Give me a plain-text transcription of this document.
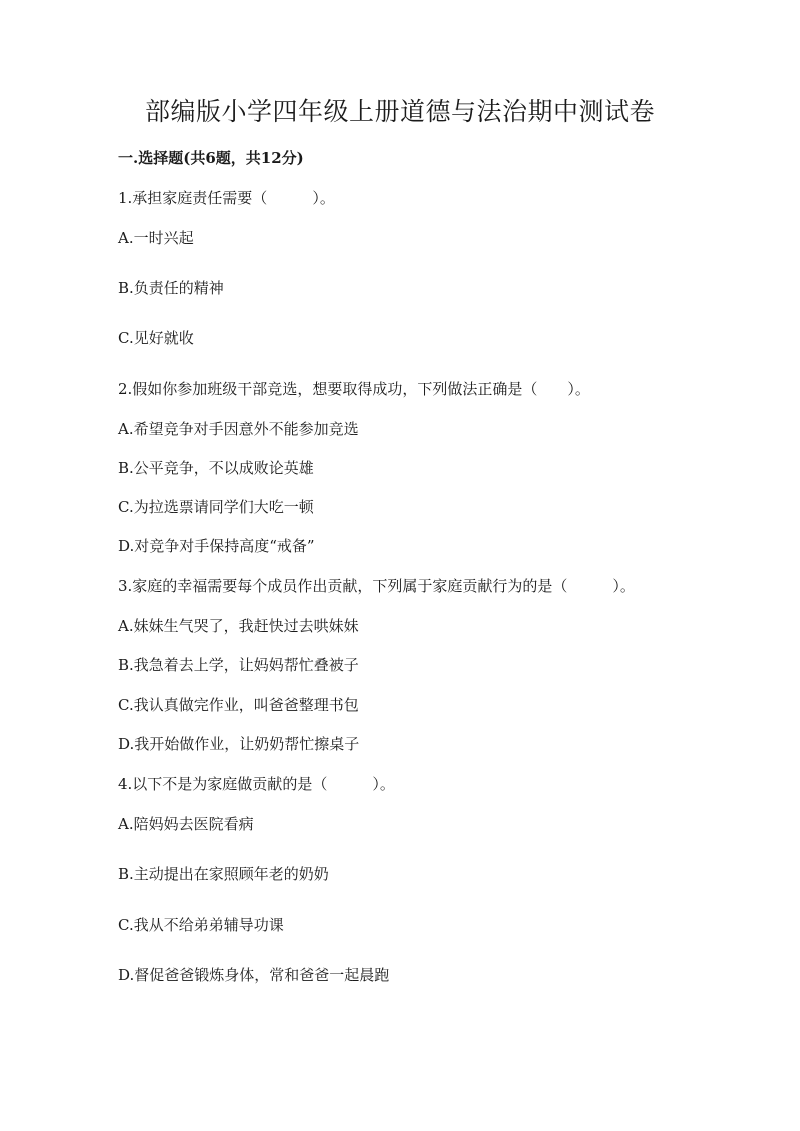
部编版小学四年级上册道德与法治期中测试卷
一.选择题(共6题，共12分)
1.承担家庭责任需要（　　　）。
A.一时兴起
B.负责任的精神
C.见好就收
2.假如你参加班级干部竞选，想要取得成功，下列做法正确是（　　）。
A.希望竞争对手因意外不能参加竞选
B.公平竞争，不以成败论英雄
C.为拉选票请同学们大吃一顿
D.对竞争对手保持高度“戒备”
3.家庭的幸福需要每个成员作出贡献，下列属于家庭贡献行为的是（　　　）。
A.妹妹生气哭了，我赶快过去哄妹妹
B.我急着去上学，让妈妈帮忙叠被子
C.我认真做完作业，叫爸爸整理书包
D.我开始做作业，让奶奶帮忙擦桌子
4.以下不是为家庭做贡献的是（　　　）。
A.陪妈妈去医院看病
B.主动提出在家照顾年老的奶奶
C.我从不给弟弟辅导功课
D.督促爸爸锻炼身体，常和爸爸一起晨跑
